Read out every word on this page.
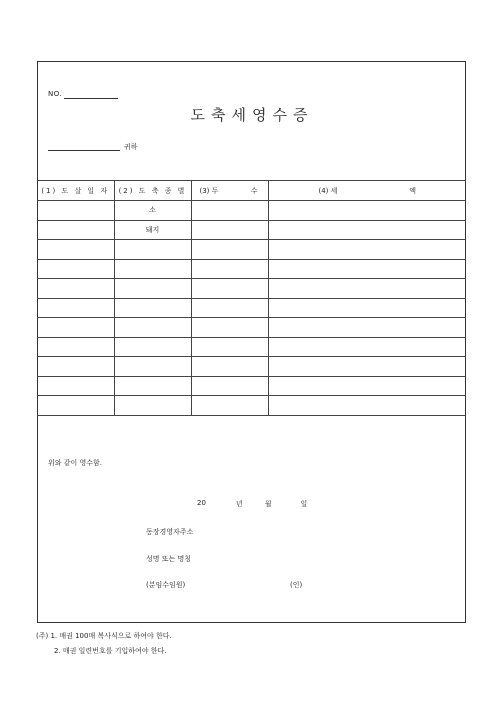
NO.
도축세영수증
귀하
(1) 도 살 일 자	(2) 도 축 종 별	(3) 두 수	(4) 세 액

	소		
	돼지		

위와 같이 영수함.
20	년	월	일
동장경영자주소
성명 또는 명칭
(분임수임원)	(인)
(주) 1. 매권 100매 복사식으로 하여야 한다.
2. 매권 일련번호를 기입하여야 한다.
